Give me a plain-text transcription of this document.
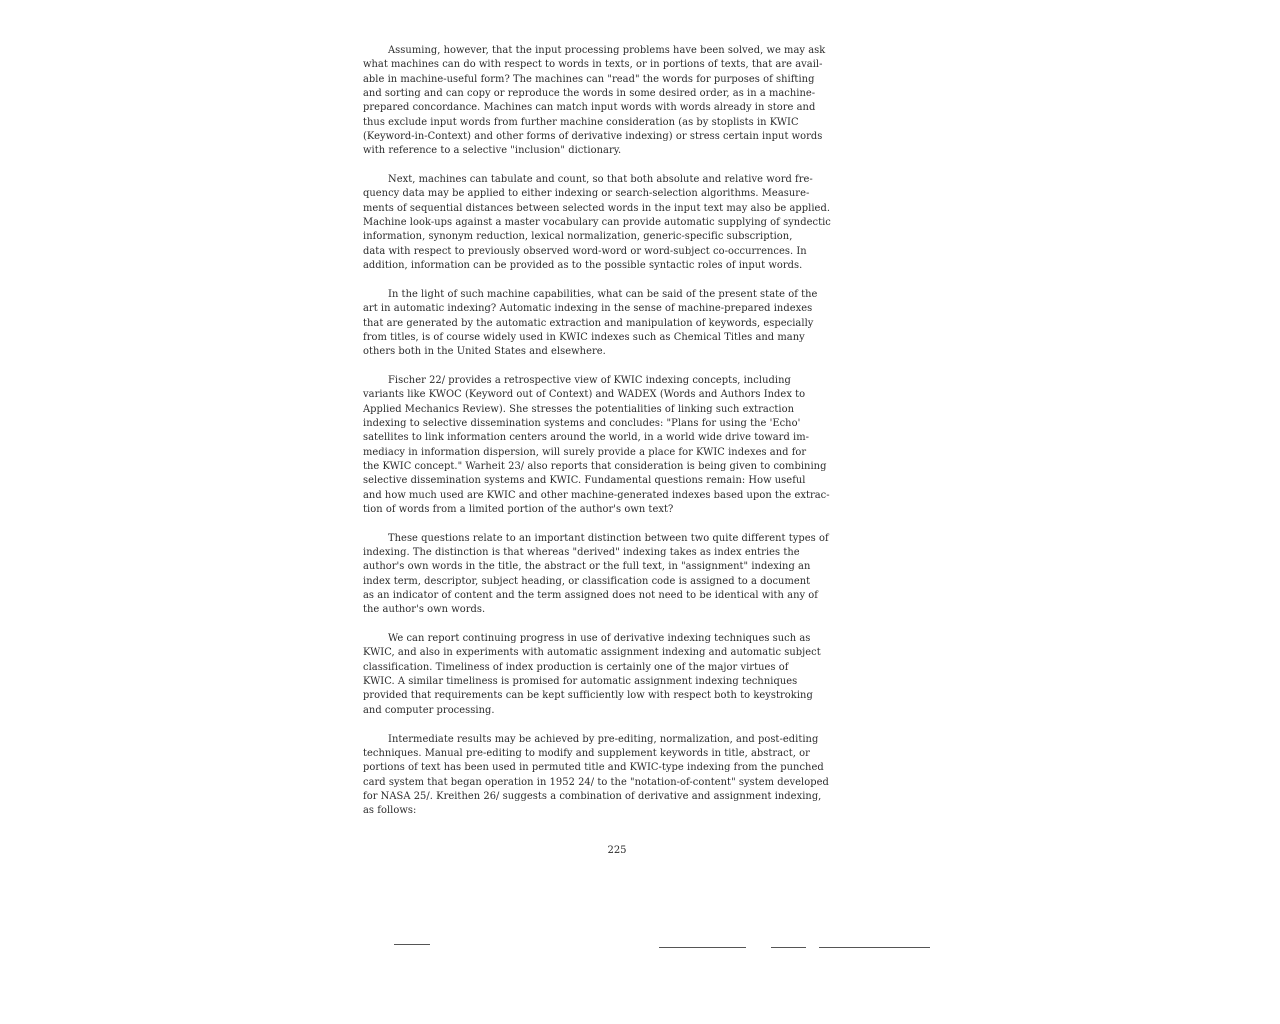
Assuming, however, that the input processing problems have been solved, we may ask
what machines can do with respect to words in texts, or in portions of texts, that are avail-
able in machine-useful form? The machines can "read" the words for purposes of shifting
and sorting and can copy or reproduce the words in some desired order, as in a machine-
prepared concordance. Machines can match input words with words already in store and
thus exclude input words from further machine consideration (as by stoplists in KWIC
(Keyword-in-Context) and other forms of derivative indexing) or stress certain input words
with reference to a selective "inclusion" dictionary.
Next, machines can tabulate and count, so that both absolute and relative word fre-
quency data may be applied to either indexing or search-selection algorithms. Measure-
ments of sequential distances between selected words in the input text may also be applied.
Machine look-ups against a master vocabulary can provide automatic supplying of syndectic
information, synonym reduction, lexical normalization, generic-specific subscription,
data with respect to previously observed word-word or word-subject co-occurrences. In
addition, information can be provided as to the possible syntactic roles of input words.
In the light of such machine capabilities, what can be said of the present state of the
art in automatic indexing? Automatic indexing in the sense of machine-prepared indexes
that are generated by the automatic extraction and manipulation of keywords, especially
from titles, is of course widely used in KWIC indexes such as Chemical Titles and many
others both in the United States and elsewhere.
Fischer 22/ provides a retrospective view of KWIC indexing concepts, including
variants like KWOC (Keyword out of Context) and WADEX (Words and Authors Index to
Applied Mechanics Review). She stresses the potentialities of linking such extraction
indexing to selective dissemination systems and concludes: "Plans for using the 'Echo'
satellites to link information centers around the world, in a world wide drive toward im-
mediacy in information dispersion, will surely provide a place for KWIC indexes and for
the KWIC concept." Warheit 23/ also reports that consideration is being given to combining
selective dissemination systems and KWIC. Fundamental questions remain: How useful
and how much used are KWIC and other machine-generated indexes based upon the extrac-
tion of words from a limited portion of the author's own text?
These questions relate to an important distinction between two quite different types of
indexing. The distinction is that whereas "derived" indexing takes as index entries the
author's own words in the title, the abstract or the full text, in "assignment" indexing an
index term, descriptor, subject heading, or classification code is assigned to a document
as an indicator of content and the term assigned does not need to be identical with any of
the author's own words.
We can report continuing progress in use of derivative indexing techniques such as
KWIC, and also in experiments with automatic assignment indexing and automatic subject
classification. Timeliness of index production is certainly one of the major virtues of
KWIC. A similar timeliness is promised for automatic assignment indexing techniques
provided that requirements can be kept sufficiently low with respect both to keystroking
and computer processing.
Intermediate results may be achieved by pre-editing, normalization, and post-editing
techniques. Manual pre-editing to modify and supplement keywords in title, abstract, or
portions of text has been used in permuted title and KWIC-type indexing from the punched
card system that began operation in 1952 24/ to the "notation-of-content" system developed
for NASA 25/. Kreithen 26/ suggests a combination of derivative and assignment indexing,
as follows:
225
